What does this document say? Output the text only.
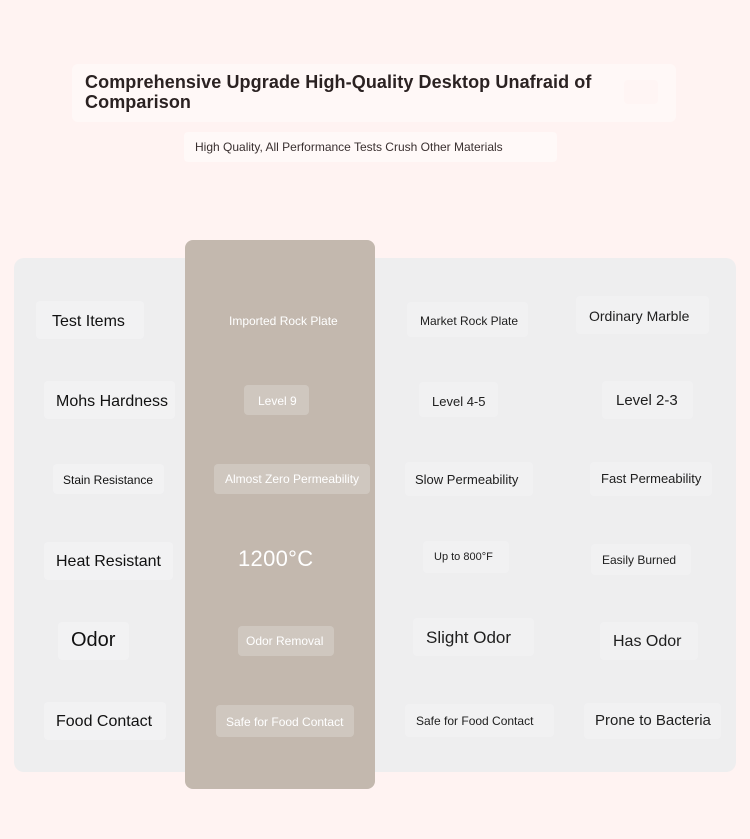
Comprehensive Upgrade High-Quality Desktop Unafraid of Comparison

High Quality, All Performance Tests Crush Other Materials

Test Items	Imported Rock Plate	Market Rock Plate	Ordinary Marble

Mohs Hardness	Level 9	Level 4-5	Level 2-3

Stain Resistance	Almost Zero Permeability	Slow Permeability	Fast Permeability

Heat Resistant	1200°C	Up to 800°F	Easily Burned

Odor	Odor Removal	Slight Odor	Has Odor

Food Contact	Safe for Food Contact	Safe for Food Contact	Prone to Bacteria
